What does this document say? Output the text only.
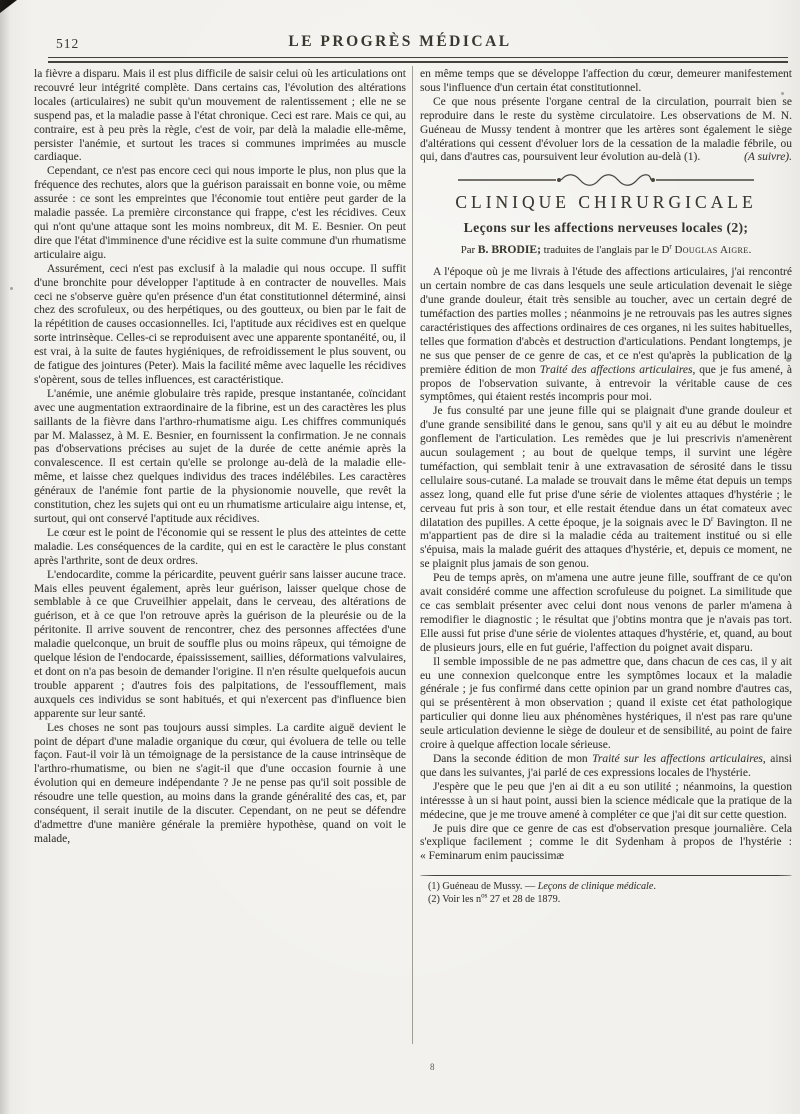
512	LE PROGRÈS MÉDICAL

la fièvre a disparu. Mais il est plus difficile de saisir celui où les articulations ont recouvré leur intégrité complète. Dans certains cas, l'évolution des altérations locales (articulaires) ne subit qu'un mouvement de ralentissement ; elle ne se suspend pas, et la maladie passe à l'état chronique. Ceci est rare. Mais ce qui, au contraire, est à peu près la règle, c'est de voir, par delà la maladie elle-même, persister l'anémie, et surtout les traces si communes imprimées au muscle cardiaque.

Cependant, ce n'est pas encore ceci qui nous importe le plus, non plus que la fréquence des rechutes, alors que la guérison paraissait en bonne voie, ou même assurée : ce sont les empreintes que l'économie tout entière peut garder de la maladie passée. La première circonstance qui frappe, c'est les récidives. Ceux qui n'ont qu'une attaque sont les moins nombreux, dit M. E. Besnier. On peut dire que l'état d'imminence d'une récidive est la suite commune d'un rhumatisme articulaire aigu.

Assurément, ceci n'est pas exclusif à la maladie qui nous occupe. Il suffit d'une bronchite pour développer l'aptitude à en contracter de nouvelles. Mais ceci ne s'observe guère qu'en présence d'un état constitutionnel déterminé, ainsi chez des scrofuleux, ou des herpétiques, ou des goutteux, ou bien par le fait de la répétition de causes occasionnelles. Ici, l'aptitude aux récidives est en quelque sorte intrinsèque. Celles-ci se reproduisent avec une apparente spontanéité, ou, il est vrai, à la suite de fautes hygiéniques, de refroidissement le plus souvent, ou de fatigue des jointures (Peter). Mais la facilité même avec laquelle les récidives s'opèrent, sous de telles influences, est caractéristique.

L'anémie, une anémie globulaire très rapide, presque instantanée, coïncidant avec une augmentation extraordinaire de la fibrine, est un des caractères les plus saillants de la fièvre dans l'arthro-rhumatisme aigu. Les chiffres communiqués par M. Malassez, à M. E. Besnier, en fournissent la confirmation. Je ne connais pas d'observations précises au sujet de la durée de cette anémie après la convalescence. Il est certain qu'elle se prolonge au-delà de la maladie elle-même, et laisse chez quelques individus des traces indélébiles. Les caractères généraux de l'anémie font partie de la physionomie nouvelle, que revêt la constitution, chez les sujets qui ont eu un rhumatisme articulaire aigu intense, et, surtout, qui ont conservé l'aptitude aux récidives.

Le cœur est le point de l'économie qui se ressent le plus des atteintes de cette maladie. Les conséquences de la cardite, qui en est le caractère le plus constant après l'arthrite, sont de deux ordres.

L'endocardite, comme la péricardite, peuvent guérir sans laisser aucune trace. Mais elles peuvent également, après leur guérison, laisser quelque chose de semblable à ce que Cruveilhier appelait, dans le cerveau, des altérations de guérison, et à ce que l'on retrouve après la guérison de la pleurésie ou de la péritonite. Il arrive souvent de rencontrer, chez des personnes affectées d'une maladie quelconque, un bruit de souffle plus ou moins râpeux, qui témoigne de quelque lésion de l'endocarde, épaississement, saillies, déformations valvulaires, et dont on n'a pas besoin de demander l'origine. Il n'en résulte quelquefois aucun trouble apparent ; d'autres fois des palpitations, de l'essoufflement, mais auxquels ces individus se sont habitués, et qui n'exercent pas d'influence bien apparente sur leur santé.

Les choses ne sont pas toujours aussi simples. La cardite aiguë devient le point de départ d'une maladie organique du cœur, qui évoluera de telle ou telle façon. Faut-il voir là un témoignage de la persistance de la cause intrinsèque de l'arthro-rhumatisme, ou bien ne s'agit-il que d'une occasion fournie à une évolution qui en demeure indépendante ? Je ne pense pas qu'il soit possible de résoudre une telle question, au moins dans la grande généralité des cas, et, par conséquent, il serait inutile de la discuter. Cependant, on ne peut se défendre d'admettre d'une manière générale la première hypothèse, quand on voit le malade,

en même temps que se développe l'affection du cœur, demeurer manifestement sous l'influence d'un certain état constitutionnel.

Ce que nous présente l'organe central de la circulation, pourrait bien se reproduire dans le reste du système circulatoire. Les observations de M. N. Guéneau de Mussy tendent à montrer que les artères sont également le siège d'altérations qui cessent d'évoluer lors de la cessation de la maladie fébrile, ou qui, dans d'autres cas, poursuivent leur évolution au-delà (1).	(A suivre).

CLINIQUE CHIRURGICALE
Leçons sur les affections nerveuses locales (2);

Par B. BRODIE; traduites de l'anglais par le $D^r$ Douglas Aigre.

A l'époque où je me livrais à l'étude des affections articulaires, j'ai rencontré un certain nombre de cas dans lesquels une seule articulation devenait le siège d'une grande douleur, était très sensible au toucher, avec un certain degré de tuméfaction des parties molles ; néanmoins je ne retrouvais pas les autres signes caractéristiques des affections ordinaires de ces organes, ni les suites habituelles, telles que formation d'abcès et destruction d'articulations. Pendant longtemps, je ne sus que penser de ce genre de cas, et ce n'est qu'après la publication de la première édition de mon Traité des affections articulaires, que je fus amené, à propos de l'observation suivante, à entrevoir la véritable cause de ces symptômes, qui étaient restés incompris pour moi.

Je fus consulté par une jeune fille qui se plaignait d'une grande douleur et d'une grande sensibilité dans le genou, sans qu'il y ait eu au début le moindre gonflement de l'articulation. Les remèdes que je lui prescrivis n'amenèrent aucun soulagement ; au bout de quelque temps, il survint une légère tuméfaction, qui semblait tenir à une extravasation de sérosité dans le tissu cellulaire sous-cutané. La malade se trouvait dans le même état depuis un temps assez long, quand elle fut prise d'une série de violentes attaques d'hystérie ; le cerveau fut pris à son tour, et elle restait étendue dans un état comateux avec dilatation des pupilles. A cette époque, je la soignais avec le $D^r$ Bavington. Il ne m'appartient pas de dire si la maladie céda au traitement institué ou si elle s'épuisa, mais la malade guérit des attaques d'hystérie, et, depuis ce moment, ne se plaignit plus jamais de son genou.

Peu de temps après, on m'amena une autre jeune fille, souffrant de ce qu'on avait considéré comme une affection scrofuleuse du poignet. La similitude que ce cas semblait présenter avec celui dont nous venons de parler m'amena à remodifier le diagnostic ; le résultat que j'obtins montra que je n'avais pas tort. Elle aussi fut prise d'une série de violentes attaques d'hystérie, et, quand, au bout de plusieurs jours, elle en fut guérie, l'affection du poignet avait disparu.

Il semble impossible de ne pas admettre que, dans chacun de ces cas, il y ait eu une connexion quelconque entre les symptômes locaux et la maladie générale ; je fus confirmé dans cette opinion par un grand nombre d'autres cas, qui se présentèrent à mon observation ; quand il existe cet état pathologique particulier qui donne lieu aux phénomènes hystériques, il n'est pas rare qu'une seule articulation devienne le siège de douleur et de sensibilité, au point de faire croire à quelque affection locale sérieuse.

Dans la seconde édition de mon Traité sur les affections articulaires, ainsi que dans les suivantes, j'ai parlé de ces expressions locales de l'hystérie.

J'espère que le peu que j'en ai dit a eu son utilité ; néanmoins, la question intéressse à un si haut point, aussi bien la science médicale que la pratique de la médecine, que je me trouve amené à compléter ce que j'ai dit sur cette question.

Je puis dire que ce genre de cas est d'observation presque journalière. Cela s'explique facilement ; comme le dit Sydenham à propos de l'hystérie : « Feminarum enim paucissimæ

(1) Guéneau de Mussy. — Leçons de clinique médicale.

(2) Voir les $n^{os}$ 27 et 28 de 1879.

8
